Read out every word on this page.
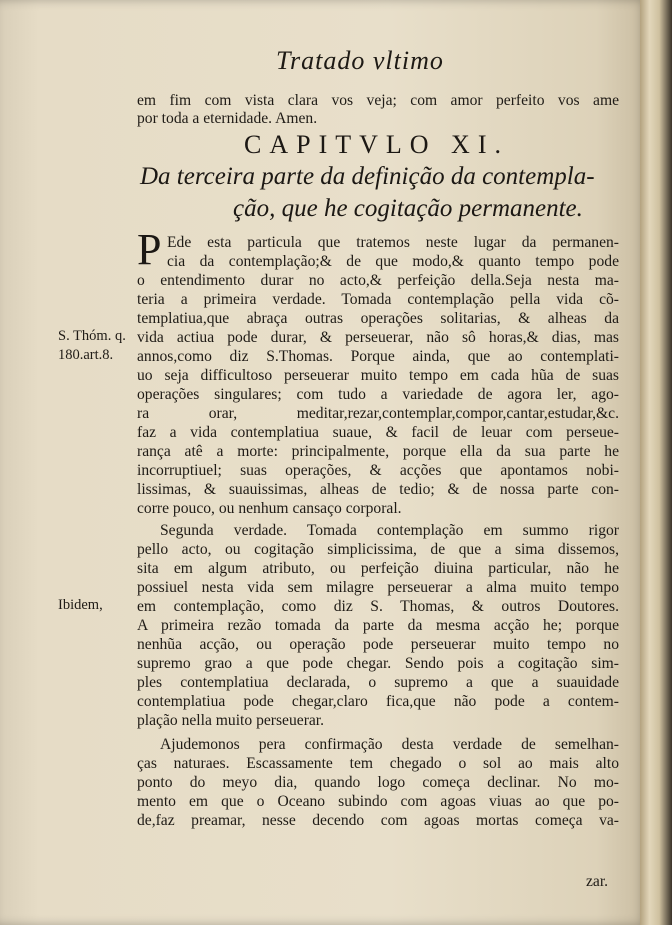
Tratado vltimo
em fim com vista clara vos veja; com amor perfeito vos ame
por toda a eternidade. Amen.
CAPITVLO XI.
Da terceira parte da definição da contempla-
ção, que he cogitação permanente.
P Ede esta particula que tratemos neste lugar da permanen-
cia da contemplação;& de que modo,& quanto tempo pode
o entendimento durar no acto,& perfeição della.Seja nesta ma-
teria a primeira verdade. Tomada contemplação pella vida cõ-
templatiua,que abraça outras operações solitarias, & alheas da
vida actiua pode durar, & perseuerar, não sô horas,& dias, mas
annos,como diz S.Thomas. Porque ainda, que ao contemplati-
uo seja difficultoso perseuerar muito tempo em cada hũa de suas
operações singulares; com tudo a variedade de agora ler, ago-
ra orar, meditar,rezar,contemplar,compor,cantar,estudar,&c.
faz a vida contemplatiua suaue, & facil de leuar com perseue-
rança atê a morte: principalmente, porque ella da sua parte he
incorruptiuel; suas operações, & acções que apontamos nobi-
lissimas, & suauissimas, alheas de tedio; & de nossa parte con-
corre pouco, ou nenhum cansaço corporal.
Segunda verdade. Tomada contemplação em summo rigor
pello acto, ou cogitação simplicissima, de que a sima dissemos,
sita em algum atributo, ou perfeição diuina particular, não he
possiuel nesta vida sem milagre perseuerar a alma muito tempo
em contemplação, como diz S. Thomas, & outros Doutores.
A primeira rezão tomada da parte da mesma acção he; porque
nenhũa acção, ou operação pode perseuerar muito tempo no
supremo grao a que pode chegar. Sendo pois a cogitação sim-
ples contemplatiua declarada, o supremo a que a suauidade
contemplatiua pode chegar,claro fica,que não pode a contem-
plação nella muito perseuerar.
Ajudemonos pera confirmação desta verdade de semelhan-
ças naturaes. Escassamente tem chegado o sol ao mais alto
ponto do meyo dia, quando logo começa declinar. No mo-
mento em que o Oceano subindo com agoas viuas ao que po-
de,faz preamar, nesse decendo com agoas mortas começa va-
zar.
S. Thóm. q.
180.art.8.
Ibidem,
